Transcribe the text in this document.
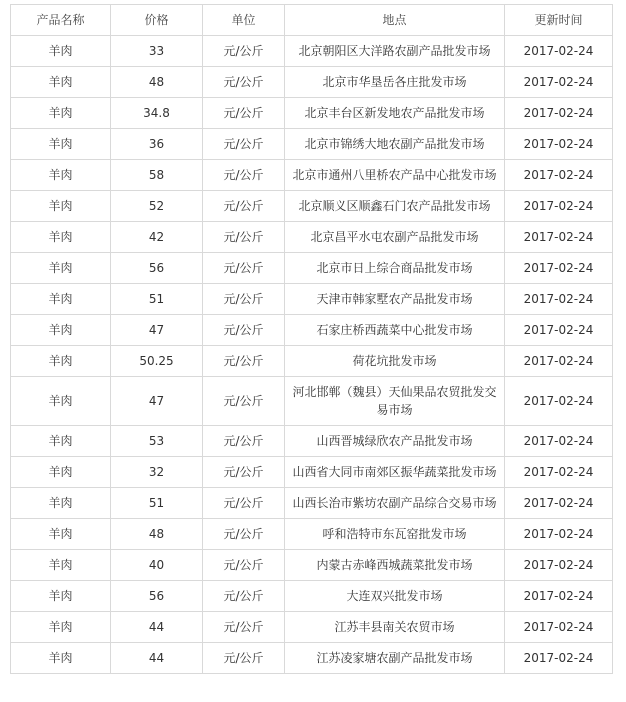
产品名称	价格	单位	地点	更新时间
羊肉	33	元/公斤	北京朝阳区大洋路农副产品批发市场	2017-02-24
羊肉	48	元/公斤	北京市华垦岳各庄批发市场	2017-02-24
羊肉	34.8	元/公斤	北京丰台区新发地农产品批发市场	2017-02-24
羊肉	36	元/公斤	北京市锦绣大地农副产品批发市场	2017-02-24
羊肉	58	元/公斤	北京市通州八里桥农产品中心批发市场	2017-02-24
羊肉	52	元/公斤	北京顺义区顺鑫石门农产品批发市场	2017-02-24
羊肉	42	元/公斤	北京昌平水屯农副产品批发市场	2017-02-24
羊肉	56	元/公斤	北京市日上综合商品批发市场	2017-02-24
羊肉	51	元/公斤	天津市韩家墅农产品批发市场	2017-02-24
羊肉	47	元/公斤	石家庄桥西蔬菜中心批发市场	2017-02-24
羊肉	50.25	元/公斤	荷花坑批发市场	2017-02-24
羊肉	47	元/公斤	河北邯郸（魏县）天仙果品农贸批发交易市场	2017-02-24
羊肉	53	元/公斤	山西晋城绿欣农产品批发市场	2017-02-24
羊肉	32	元/公斤	山西省大同市南郊区振华蔬菜批发市场	2017-02-24
羊肉	51	元/公斤	山西长治市紫坊农副产品综合交易市场	2017-02-24
羊肉	48	元/公斤	呼和浩特市东瓦窑批发市场	2017-02-24
羊肉	40	元/公斤	内蒙古赤峰西城蔬菜批发市场	2017-02-24
羊肉	56	元/公斤	大连双兴批发市场	2017-02-24
羊肉	44	元/公斤	江苏丰县南关农贸市场	2017-02-24
羊肉	44	元/公斤	江苏凌家塘农副产品批发市场	2017-02-24
